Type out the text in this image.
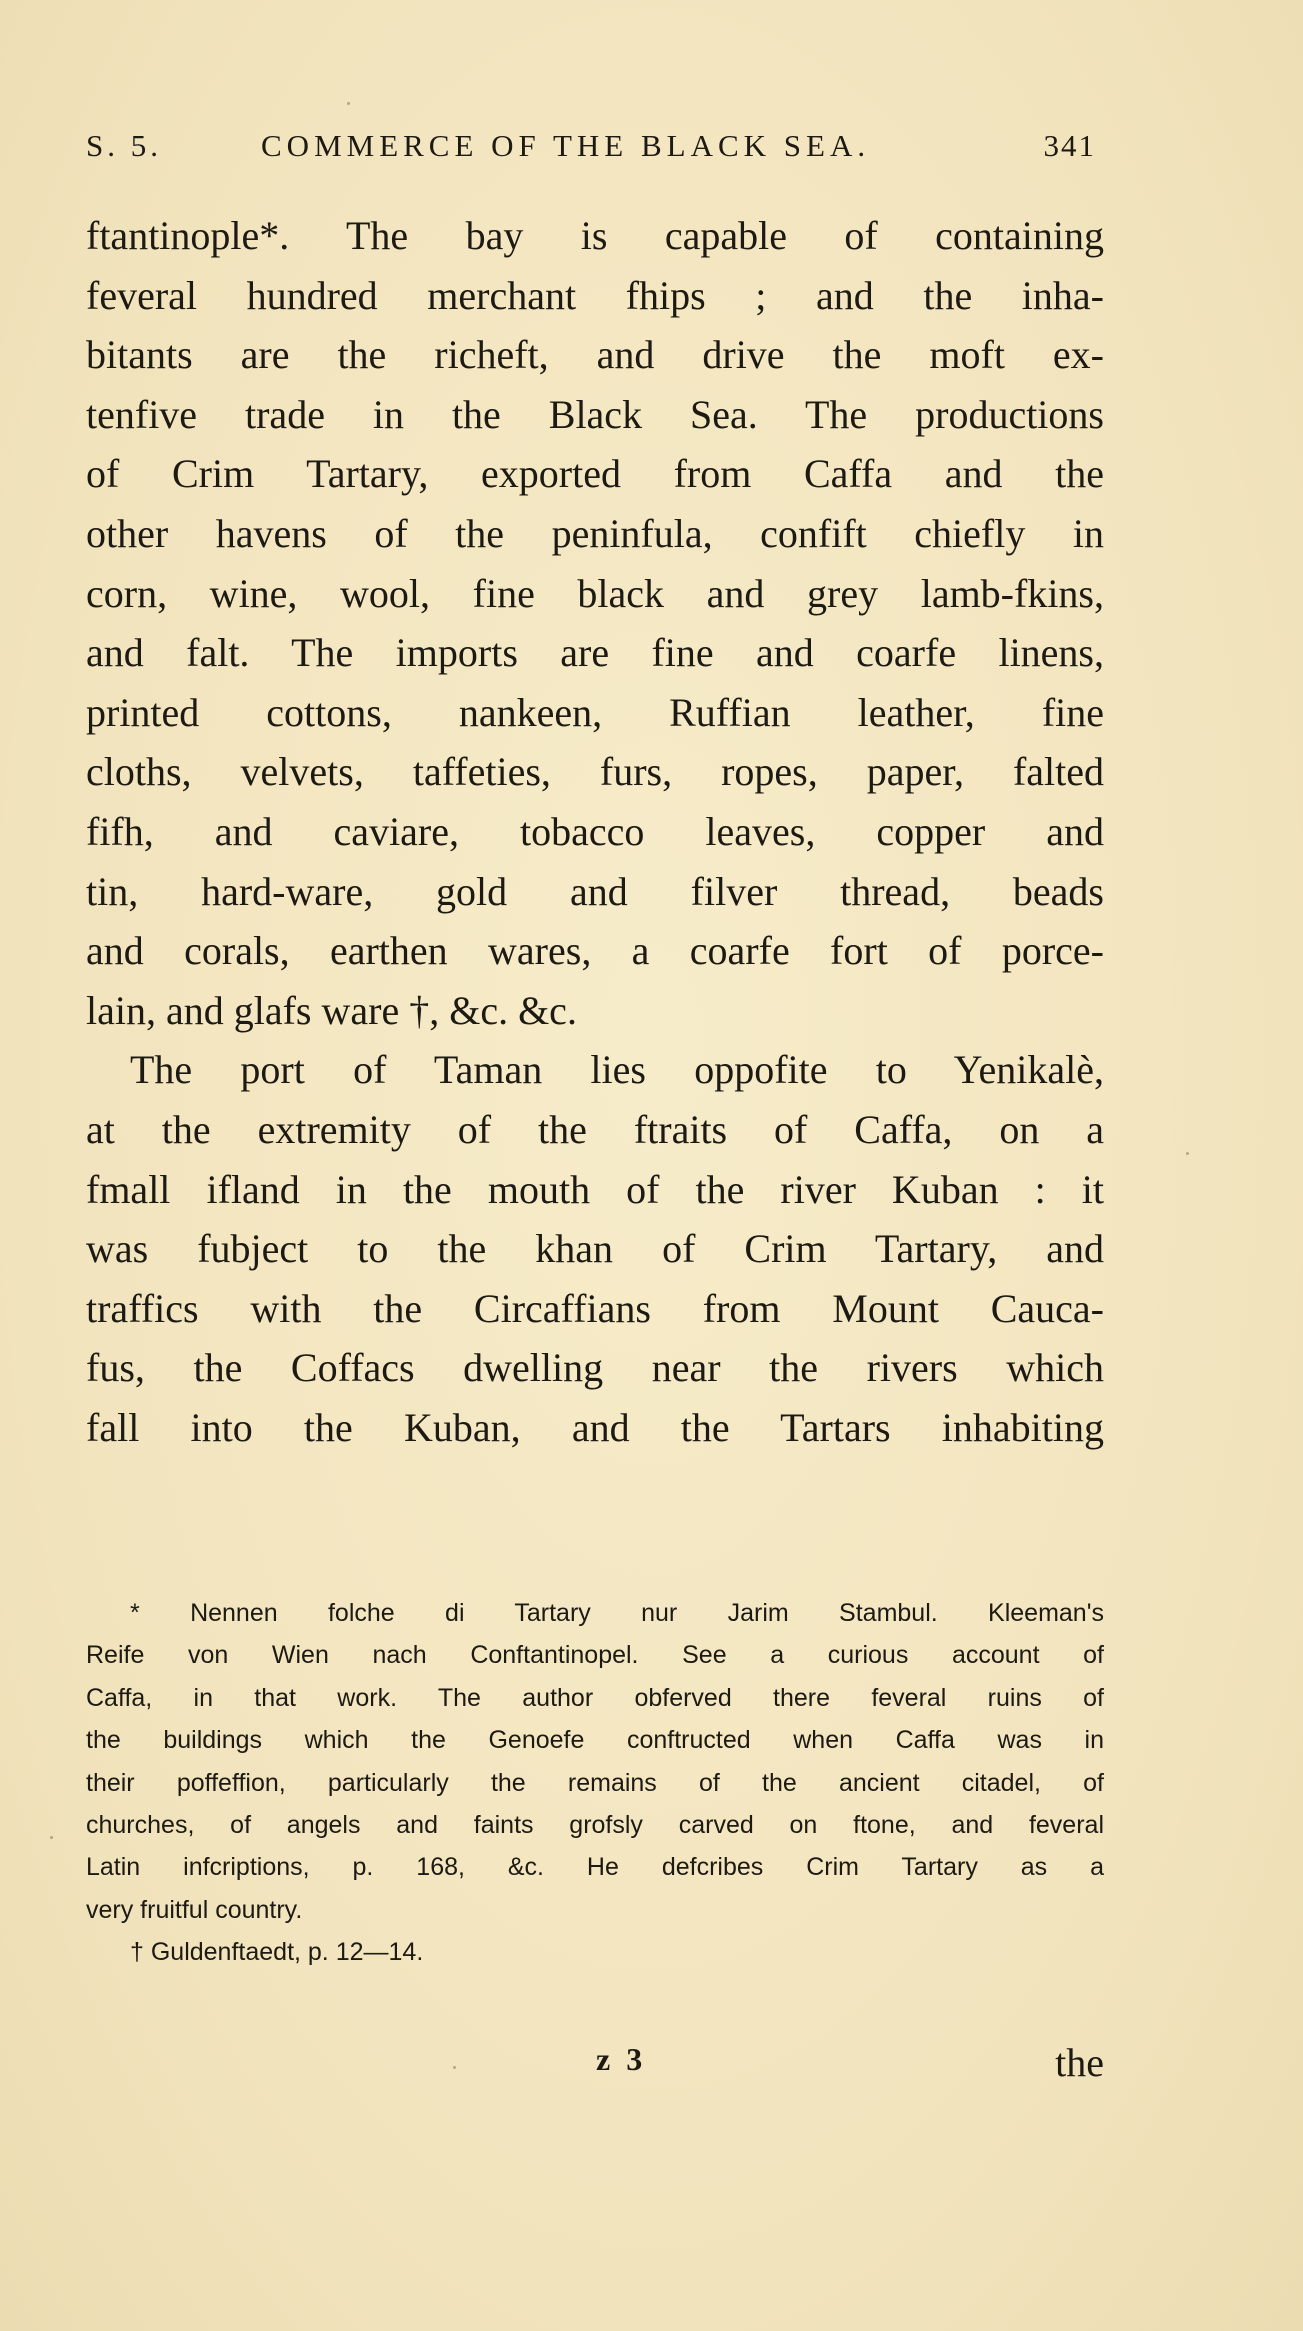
S. 5.	COMMERCE OF THE BLACK SEA.	341
ftantinople*. The bay is capable of containing
feveral hundred merchant fhips ; and the inha-
bitants are the richeft, and drive the moft ex-
tenfive trade in the Black Sea. The productions
of Crim Tartary, exported from Caffa and the
other havens of the peninfula, confift chiefly in
corn, wine, wool, fine black and grey lamb-fkins,
and falt. The imports are fine and coarfe linens,
printed cottons, nankeen, Ruffian leather, fine
cloths, velvets, taffeties, furs, ropes, paper, falted
fifh, and caviare, tobacco leaves, copper and
tin, hard-ware, gold and filver thread, beads
and corals, earthen wares, a coarfe fort of porce-
lain, and glafs ware †, &c. &c.
The port of Taman lies oppofite to Yenikalè,
at the extremity of the ftraits of Caffa, on a
fmall ifland in the mouth of the river Kuban : it
was fubject to the khan of Crim Tartary, and
traffics with the Circaffians from Mount Cauca-
fus, the Coffacs dwelling near the rivers which
fall into the Kuban, and the Tartars inhabiting
* Nennen folche di Tartary nur Jarim Stambul. Kleeman's
Reife von Wien nach Conftantinopel. See a curious account of
Caffa, in that work. The author obferved there feveral ruins of
the buildings which the Genoefe conftructed when Caffa was in
their poffeffion, particularly the remains of the ancient citadel, of
churches, of angels and faints grofsly carved on ftone, and feveral
Latin infcriptions, p. 168, &c. He defcribes Crim Tartary as a
very fruitful country.
† Guldenftaedt, p. 12—14.
z 3	the
